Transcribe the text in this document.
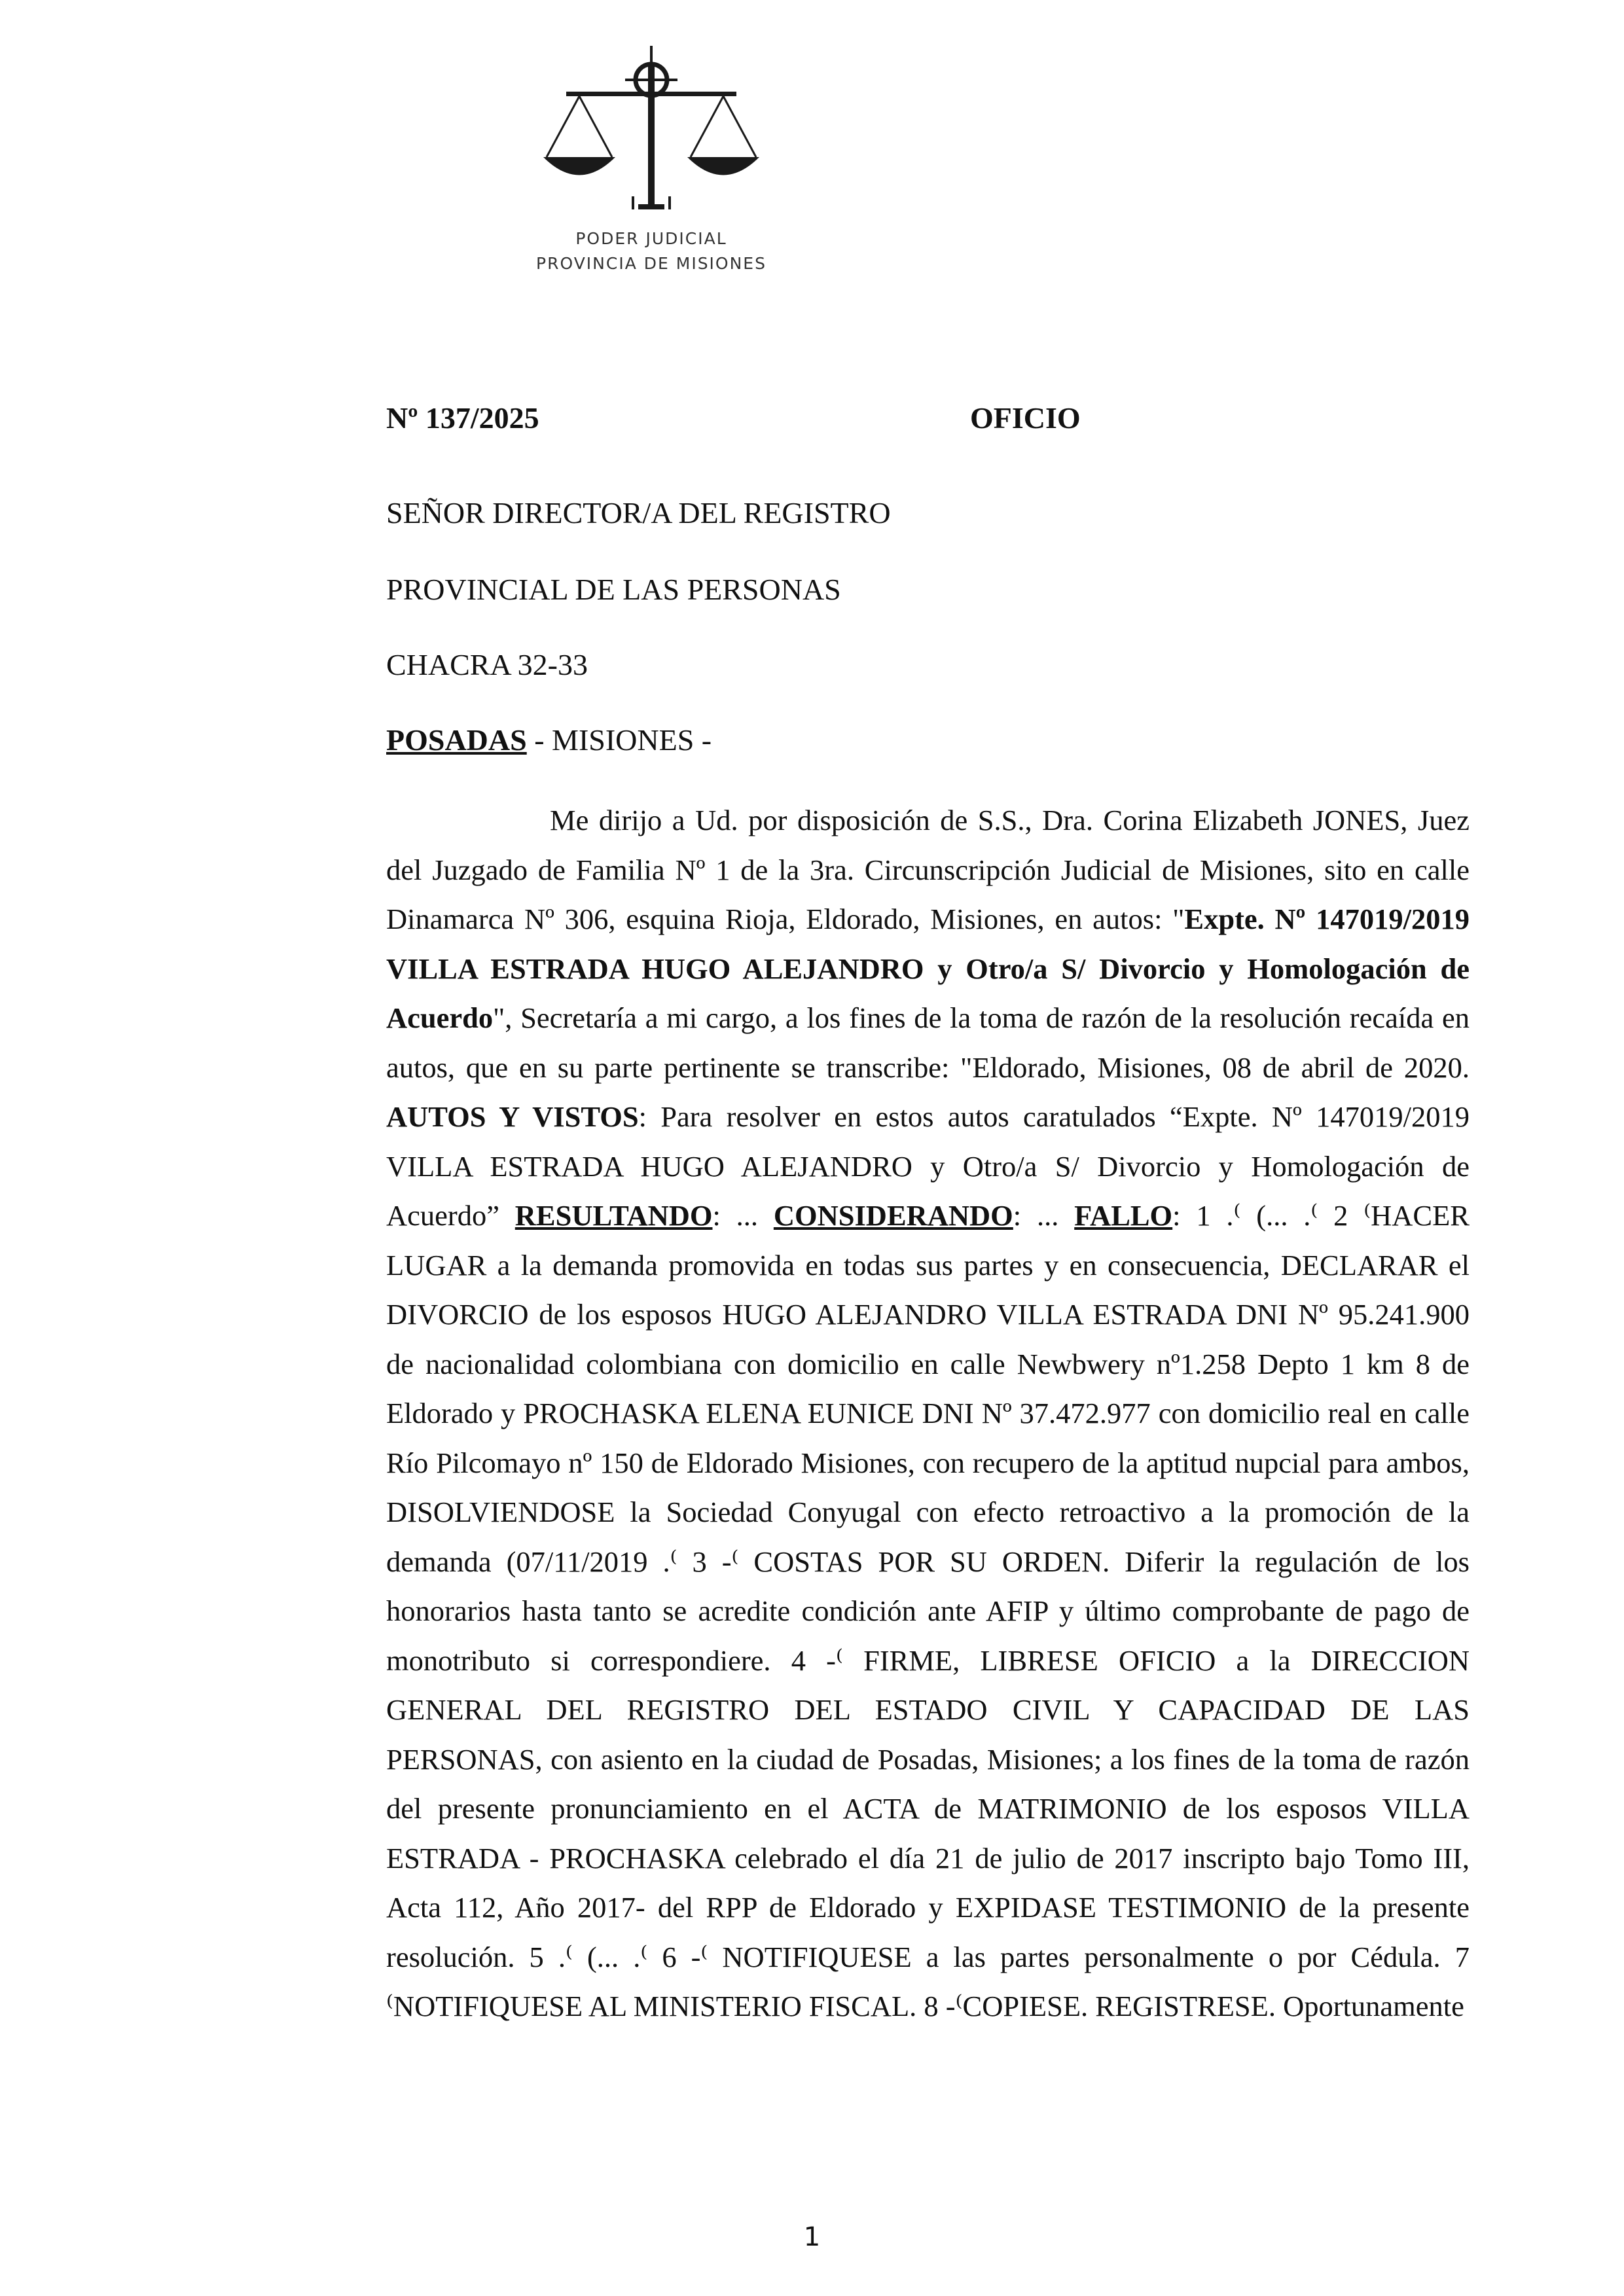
PODER JUDICIAL
PROVINCIA DE MISIONES
Nº 137/2025	OFICIO
SEÑOR DIRECTOR/A DEL REGISTRO
PROVINCIAL DE LAS PERSONAS
CHACRA 32-33
POSADAS - MISIONES -
Me dirijo a Ud. por disposición de S.S., Dra. Corina Elizabeth JONES, Juez del Juzgado de Familia Nº 1 de la 3ra. Circunscripción Judicial de Misiones, sito en calle Dinamarca Nº 306, esquina Rioja, Eldorado, Misiones, en autos: "Expte. Nº 147019/2019 VILLA ESTRADA HUGO ALEJANDRO y Otro/a S/ Divorcio y Homologación de Acuerdo", Secretaría a mi cargo, a los fines de la toma de razón de la resolución recaída en autos, que en su parte pertinente se transcribe: "Eldorado, Misiones, 08 de abril de 2020. AUTOS Y VISTOS: Para resolver en estos autos caratulados “Expte. Nº 147019/2019 VILLA ESTRADA HUGO ALEJANDRO y Otro/a S/ Divorcio y Homologación de Acuerdo” RESULTANDO: ... CONSIDERANDO: ... FALLO: 1 .⁽ (... .⁽ 2 ⁽HACER LUGAR a la demanda promovida en todas sus partes y en consecuencia, DECLARAR el DIVORCIO de los esposos HUGO ALEJANDRO VILLA ESTRADA DNI Nº 95.241.900 de nacionalidad colombiana con domicilio en calle Newbwery nº1.258 Depto 1 km 8 de Eldorado y PROCHASKA ELENA EUNICE DNI Nº 37.472.977 con domicilio real en calle Río Pilcomayo nº 150 de Eldorado Misiones, con recupero de la aptitud nupcial para ambos, DISOLVIENDOSE la Sociedad Conyugal con efecto retroactivo a la promoción de la demanda (07/11/2019 .⁽ 3 -⁽ COSTAS POR SU ORDEN. Diferir la regulación de los honorarios hasta tanto se acredite condición ante AFIP y último comprobante de pago de monotributo si correspondiere. 4 -⁽ FIRME, LIBRESE OFICIO a la DIRECCION GENERAL DEL REGISTRO DEL ESTADO CIVIL Y CAPACIDAD DE LAS PERSONAS, con asiento en la ciudad de Posadas, Misiones; a los fines de la toma de razón del presente pronunciamiento en el ACTA de MATRIMONIO de los esposos VILLA ESTRADA - PROCHASKA celebrado el día 21 de julio de 2017 inscripto bajo Tomo III, Acta 112, Año 2017- del RPP de Eldorado y EXPIDASE TESTIMONIO de la presente resolución. 5 .⁽ (... .⁽ 6 -⁽ NOTIFIQUESE a las partes personalmente o por Cédula. 7 ⁽NOTIFIQUESE AL MINISTERIO FISCAL. 8 -⁽COPIESE. REGISTRESE. Oportunamente
1
